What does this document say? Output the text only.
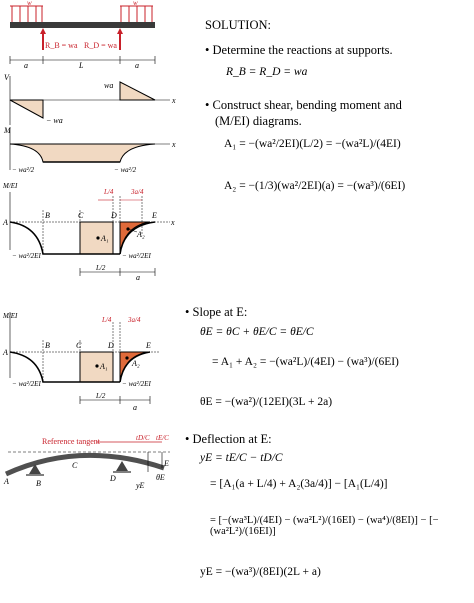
SOLUTION:
• Determine the reactions at supports.
R_B = R_D = wa
• Construct shear, bending moment and
(M/EI) diagrams.
A₁ = −(wa²/2EI)(L/2) = −(wa²L)/(4EI)
A₂ = −(1/3)(wa²/2EI)(a) = −(wa³)/(6EI)
• Slope at E:
θE = θC + θE/C = θE/C
= A₁ + A₂ = −(wa²L)/(4EI) − (wa³)/(6EI)
θE = −(wa²)/(12EI)(3L + 2a)
• Deflection at E:
yE = tE/C − tD/C
= [A₁(a + L/4) + A₂(3a/4)] − [A₁(L/4)]
= [−(wa³L)/(4EI) − (wa²L²)/(16EI) − (wa⁴)/(8EI)] − [−(wa²L²)/(16EI)]
yE = −(wa³)/(8EI)(2L + a)
w	w
R_B = wa R_D = wa
a	L	a
V
x
wa
− wa
M
x
− wa²/2	− wa²/2
M/EI
x
A
B	C	D	E
A₁	A₂
L/4	3a/4
− wa²/2EI	− wa²/2EI
L/2
a
M/EI
A
B	C	D	E
A₁	A₂
L/4 3a/4
− wa²/2EI	− wa²/2EI
L/2
a
Reference tangent	tD/C tE/C
A	B
C
D
E
yE
θE
